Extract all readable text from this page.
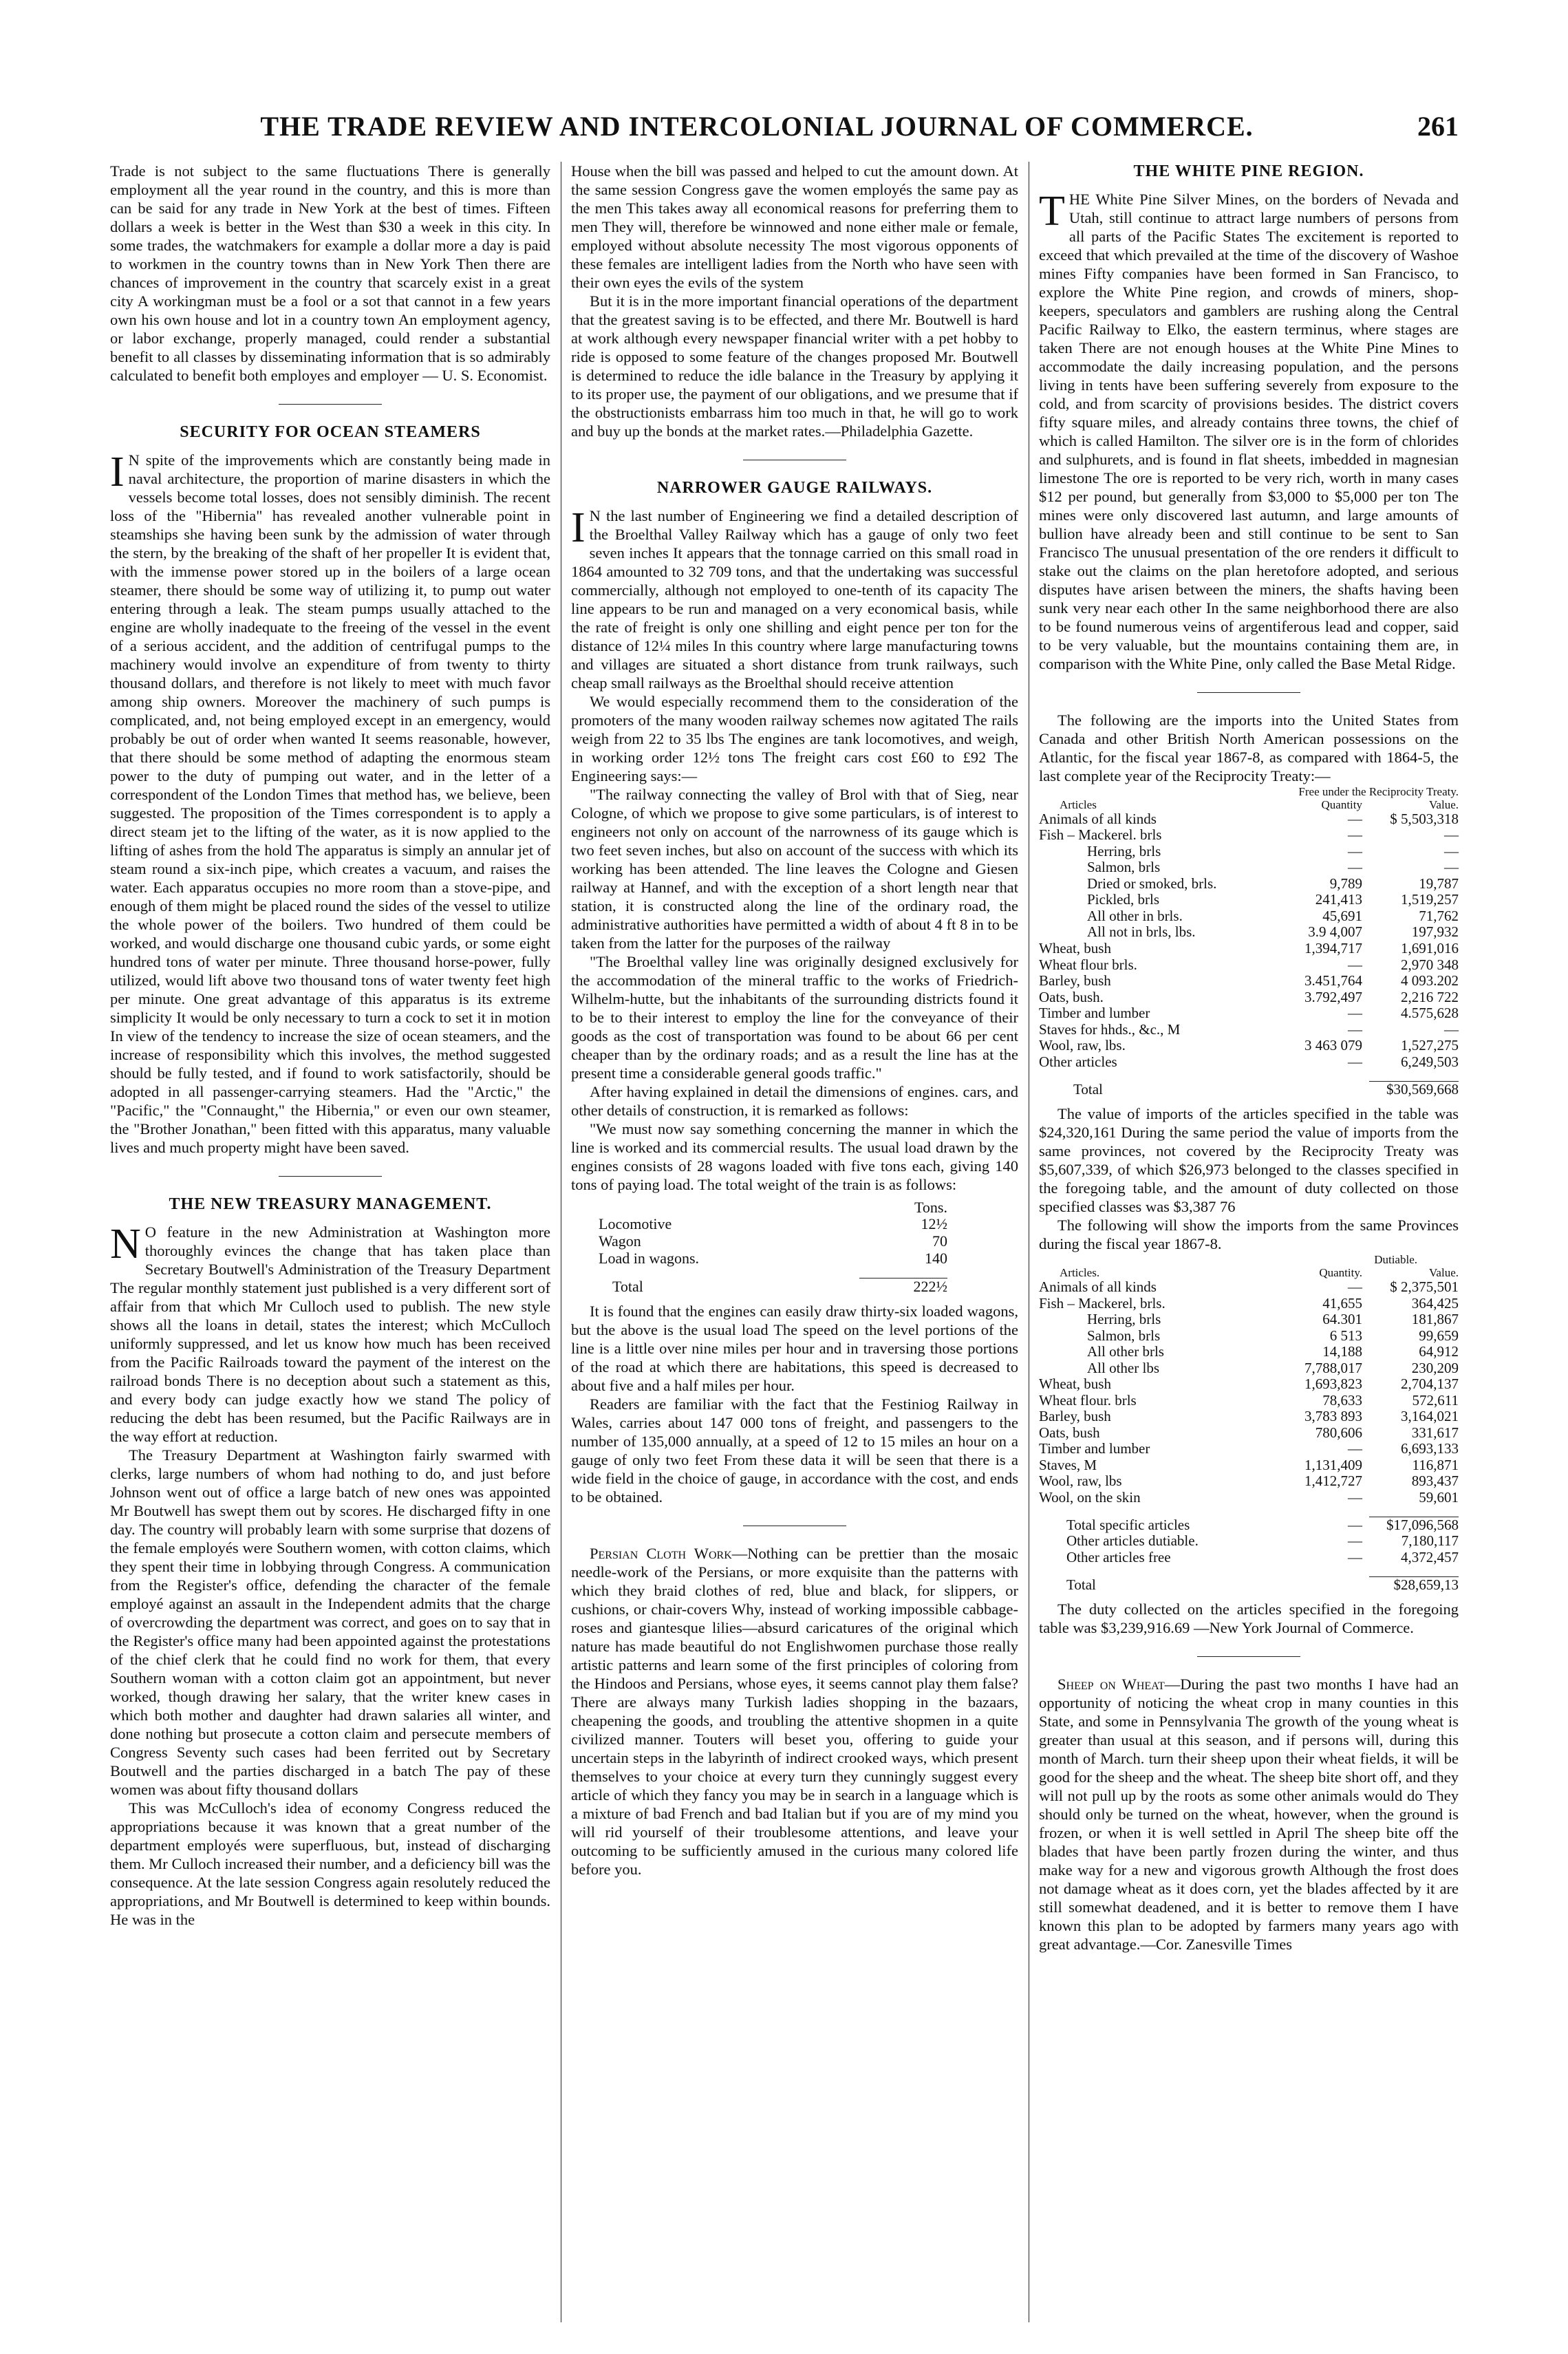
THE TRADE REVIEW AND INTERCOLONIAL JOURNAL OF COMMERCE.	261

Trade is not subject to the same fluctuations There is generally employment all the year round in the country, and this is more than can be said for any trade in New York at the best of times. Fifteen dollars a week is better in the West than $30 a week in this city. In some trades, the watchmakers for example a dollar more a day is paid to workmen in the country towns than in New York Then there are chances of improvement in the country that scarcely exist in a great city A workingman must be a fool or a sot that cannot in a few years own his own house and lot in a country town An employment agency, or labor exchange, properly managed, could render a substantial benefit to all classes by disseminating information that is so admirably calculated to benefit both employes and employer — U. S. Economist.

SECURITY FOR OCEAN STEAMERS

I N spite of the improvements which are constantly being made in naval architecture, the proportion of marine disasters in which the vessels become total losses, does not sensibly diminish. The recent loss of the "Hibernia" has revealed another vulnerable point in steamships she having been sunk by the admission of water through the stern, by the breaking of the shaft of her propeller It is evident that, with the immense power stored up in the boilers of a large ocean steamer, there should be some way of utilizing it, to pump out water entering through a leak. The steam pumps usually attached to the engine are wholly inadequate to the freeing of the vessel in the event of a serious accident, and the addition of centrifugal pumps to the machinery would involve an expenditure of from twenty to thirty thousand dollars, and therefore is not likely to meet with much favor among ship owners. Moreover the machinery of such pumps is complicated, and, not being employed except in an emergency, would probably be out of order when wanted It seems reasonable, however, that there should be some method of adapting the enormous steam power to the duty of pumping out water, and in the letter of a correspondent of the London Times that method has, we believe, been suggested. The proposition of the Times correspondent is to apply a direct steam jet to the lifting of the water, as it is now applied to the lifting of ashes from the hold The apparatus is simply an annular jet of steam round a six-inch pipe, which creates a vacuum, and raises the water. Each apparatus occupies no more room than a stove-pipe, and enough of them might be placed round the sides of the vessel to utilize the whole power of the boilers. Two hundred of them could be worked, and would discharge one thousand cubic yards, or some eight hundred tons of water per minute. Three thousand horse-power, fully utilized, would lift above two thousand tons of water twenty feet high per minute. One great advantage of this apparatus is its extreme simplicity It would be only necessary to turn a cock to set it in motion In view of the tendency to increase the size of ocean steamers, and the increase of responsibility which this involves, the method suggested should be fully tested, and if found to work satisfactorily, should be adopted in all passenger-carrying steamers. Had the "Arctic," the "Pacific," the "Connaught," the Hibernia," or even our own steamer, the "Brother Jonathan," been fitted with this apparatus, many valuable lives and much property might have been saved.

THE NEW TREASURY MANAGEMENT.

N O feature in the new Administration at Washington more thoroughly evinces the change that has taken place than Secretary Boutwell's Administration of the Treasury Department The regular monthly statement just published is a very different sort of affair from that which Mr Culloch used to publish. The new style shows all the loans in detail, states the interest; which McCulloch uniformly suppressed, and let us know how much has been received from the Pacific Railroads toward the payment of the interest on the railroad bonds There is no deception about such a statement as this, and every body can judge exactly how we stand The policy of reducing the debt has been resumed, but the Pacific Railways are in the way effort at reduction.

The Treasury Department at Washington fairly swarmed with clerks, large numbers of whom had nothing to do, and just before Johnson went out of office a large batch of new ones was appointed Mr Boutwell has swept them out by scores. He discharged fifty in one day. The country will probably learn with some surprise that dozens of the female employés were Southern women, with cotton claims, which they spent their time in lobbying through Congress. A communication from the Register's office, defending the character of the female employé against an assault in the Independent admits that the charge of overcrowding the department was correct, and goes on to say that in the Register's office many had been appointed against the protestations of the chief clerk that he could find no work for them, that every Southern woman with a cotton claim got an appointment, but never worked, though drawing her salary, that the writer knew cases in which both mother and daughter had drawn salaries all winter, and done nothing but prosecute a cotton claim and persecute members of Congress Seventy such cases had been ferrited out by Secretary Boutwell and the parties discharged in a batch The pay of these women was about fifty thousand dollars

This was McCulloch's idea of economy Congress reduced the appropriations because it was known that a great number of the department employés were superfluous, but, instead of discharging them. Mr Culloch increased their number, and a deficiency bill was the consequence. At the late session Congress again resolutely reduced the appropriations, and Mr Boutwell is determined to keep within bounds. He was in the

House when the bill was passed and helped to cut the amount down. At the same session Congress gave the women employés the same pay as the men This takes away all economical reasons for preferring them to men They will, therefore be winnowed and none either male or female, employed without absolute necessity The most vigorous opponents of these females are intelligent ladies from the North who have seen with their own eyes the evils of the system

But it is in the more important financial operations of the department that the greatest saving is to be effected, and there Mr. Boutwell is hard at work although every newspaper financial writer with a pet hobby to ride is opposed to some feature of the changes proposed Mr. Boutwell is determined to reduce the idle balance in the Treasury by applying it to its proper use, the payment of our obligations, and we presume that if the obstructionists embarrass him too much in that, he will go to work and buy up the bonds at the market rates.—Philadelphia Gazette.

NARROWER GAUGE RAILWAYS.

I N the last number of Engineering we find a detailed description of the Broelthal Valley Railway which has a gauge of only two feet seven inches It appears that the tonnage carried on this small road in 1864 amounted to 32 709 tons, and that the undertaking was successful commercially, although not employed to one-tenth of its capacity The line appears to be run and managed on a very economical basis, while the rate of freight is only one shilling and eight pence per ton for the distance of 12¼ miles In this country where large manufacturing towns and villages are situated a short distance from trunk railways, such cheap small railways as the Broelthal should receive attention

We would especially recommend them to the consideration of the promoters of the many wooden railway schemes now agitated The rails weigh from 22 to 35 lbs The engines are tank locomotives, and weigh, in working order 12½ tons The freight cars cost £60 to £92 The Engineering says:—

"The railway connecting the valley of Brol with that of Sieg, near Cologne, of which we propose to give some particulars, is of interest to engineers not only on account of the narrowness of its gauge which is two feet seven inches, but also on account of the success with which its working has been attended. The line leaves the Cologne and Giesen railway at Hannef, and with the exception of a short length near that station, it is constructed along the line of the ordinary road, the administrative authorities have permitted a width of about 4 ft 8 in to be taken from the latter for the purposes of the railway

"The Broelthal valley line was originally designed exclusively for the accommodation of the mineral traffic to the works of Friedrich-Wilhelm-hutte, but the inhabitants of the surrounding districts found it to be to their interest to employ the line for the conveyance of their goods as the cost of transportation was found to be about 66 per cent cheaper than by the ordinary roads; and as a result the line has at the present time a considerable general goods traffic."

After having explained in detail the dimensions of engines. cars, and other details of construction, it is remarked as follows:

"We must now say something concerning the manner in which the line is worked and its commercial results. The usual load drawn by the engines consists of 28 wagons loaded with five tons each, giving 140 tons of paying load. The total weight of the train is as follows:

	Tons.
Locomotive	12½
Wagon	70
Load in wagons.	140

Total	222½

It is found that the engines can easily draw thirty-six loaded wagons, but the above is the usual load The speed on the level portions of the line is a little over nine miles per hour and in traversing those portions of the road at which there are habitations, this speed is decreased to about five and a half miles per hour.

Readers are familiar with the fact that the Festiniog Railway in Wales, carries about 147 000 tons of freight, and passengers to the number of 135,000 annually, at a speed of 12 to 15 miles an hour on a gauge of only two feet From these data it will be seen that there is a wide field in the choice of gauge, in accordance with the cost, and ends to be obtained.

Persian Cloth Work—Nothing can be prettier than the mosaic needle-work of the Persians, or more exquisite than the patterns with which they braid clothes of red, blue and black, for slippers, or cushions, or chair-covers Why, instead of working impossible cabbage-roses and giantesque lilies—absurd caricatures of the original which nature has made beautiful do not Englishwomen purchase those really artistic patterns and learn some of the first principles of coloring from the Hindoos and Persians, whose eyes, it seems cannot play them false? There are always many Turkish ladies shopping in the bazaars, cheapening the goods, and troubling the attentive shopmen in a quite civilized manner. Touters will beset you, offering to guide your uncertain steps in the labyrinth of indirect crooked ways, which present themselves to your choice at every turn they cunningly suggest every article of which they fancy you may be in search in a language which is a mixture of bad French and bad Italian but if you are of my mind you will rid yourself of their troublesome attentions, and leave your outcoming to be sufficiently amused in the curious many colored life before you.

THE WHITE PINE REGION.

THE White Pine Silver Mines, on the borders of Nevada and Utah, still continue to attract large numbers of persons from all parts of the Pacific States The excitement is reported to exceed that which prevailed at the time of the discovery of Washoe mines Fifty companies have been formed in San Francisco, to explore the White Pine region, and crowds of miners, shop-keepers, speculators and gamblers are rushing along the Central Pacific Railway to Elko, the eastern terminus, where stages are taken There are not enough houses at the White Pine Mines to accommodate the daily increasing population, and the persons living in tents have been suffering severely from exposure to the cold, and from scarcity of provisions besides. The district covers fifty square miles, and already contains three towns, the chief of which is called Hamilton. The silver ore is in the form of chlorides and sulphurets, and is found in flat sheets, imbedded in magnesian limestone The ore is reported to be very rich, worth in many cases $12 per pound, but generally from $3,000 to $5,000 per ton The mines were only discovered last autumn, and large amounts of bullion have already been and still continue to be sent to San Francisco The unusual presentation of the ore renders it difficult to stake out the claims on the plan heretofore adopted, and serious disputes have arisen between the miners, the shafts having been sunk very near each other In the same neighborhood there are also to be found numerous veins of argentiferous lead and copper, said to be very valuable, but the mountains containing them are, in comparison with the White Pine, only called the Base Metal Ridge.

The following are the imports into the United States from Canada and other British North American possessions on the Atlantic, for the fiscal year 1867-8, as compared with 1864-5, the last complete year of the Reciprocity Treaty:—

	Free under the Reciprocity Treaty.	
Articles	Quantity	Value.
Animals of all kinds	—	$ 5,503,318
Fish – Mackerel. brls	—	—
Herring, brls	—	—
Salmon, brls	—	—
Dried or smoked, brls.	9,789	19,787
Pickled, brls	241,413	1,519,257
All other in brls.	45,691	71,762
All not in brls, lbs.	3.9 4,007	197,932
Wheat, bush	1,394,717	1,691,016
Wheat flour brls.	—	2,970 348
Barley, bush	3.451,764	4 093.202
Oats, bush.	3.792,497	2,216 722
Timber and lumber	—	4.575,628
Staves for hhds., &c., M	—	—
Wool, raw, lbs.	3 463 079	1,527,275
Other articles	—	6,249,503

Total		$30,569,668

The value of imports of the articles specified in the table was $24,320,161 During the same period the value of imports from the same provinces, not covered by the Reciprocity Treaty was $5,607,339, of which $26,973 belonged to the classes specified in the foregoing table, and the amount of duty collected on those specified classes was $3,387 76

The following will show the imports from the same Provinces during the fiscal year 1867-8.

	Dutiable.	
Articles.	Quantity.	Value.
Animals of all kinds	—	$ 2,375,501
Fish – Mackerel, brls.	41,655	364,425
Herring, brls	64.301	181,867
Salmon, brls	6 513	99,659
All other brls	14,188	64,912
All other lbs	7,788,017	230,209
Wheat, bush	1,693,823	2,704,137
Wheat flour. brls	78,633	572,611
Barley, bush	3,783 893	3,164,021
Oats, bush	780,606	331,617
Timber and lumber	—	6,693,133
Staves, M	1,131,409	116,871
Wool, raw, lbs	1,412,727	893,437
Wool, on the skin	—	59,601

Total specific articles	—	$17,096,568
Other articles dutiable.	—	7,180,117
Other articles free	—	4,372,457

Total		$28,659,13

The duty collected on the articles specified in the foregoing table was $3,239,916.69 —New York Journal of Commerce.

Sheep on Wheat—During the past two months I have had an opportunity of noticing the wheat crop in many counties in this State, and some in Pennsylvania The growth of the young wheat is greater than usual at this season, and if persons will, during this month of March. turn their sheep upon their wheat fields, it will be good for the sheep and the wheat. The sheep bite short off, and they will not pull up by the roots as some other animals would do They should only be turned on the wheat, however, when the ground is frozen, or when it is well settled in April The sheep bite off the blades that have been partly frozen during the winter, and thus make way for a new and vigorous growth Although the frost does not damage wheat as it does corn, yet the blades affected by it are still somewhat deadened, and it is better to remove them I have known this plan to be adopted by farmers many years ago with great advantage.—Cor. Zanesville Times
